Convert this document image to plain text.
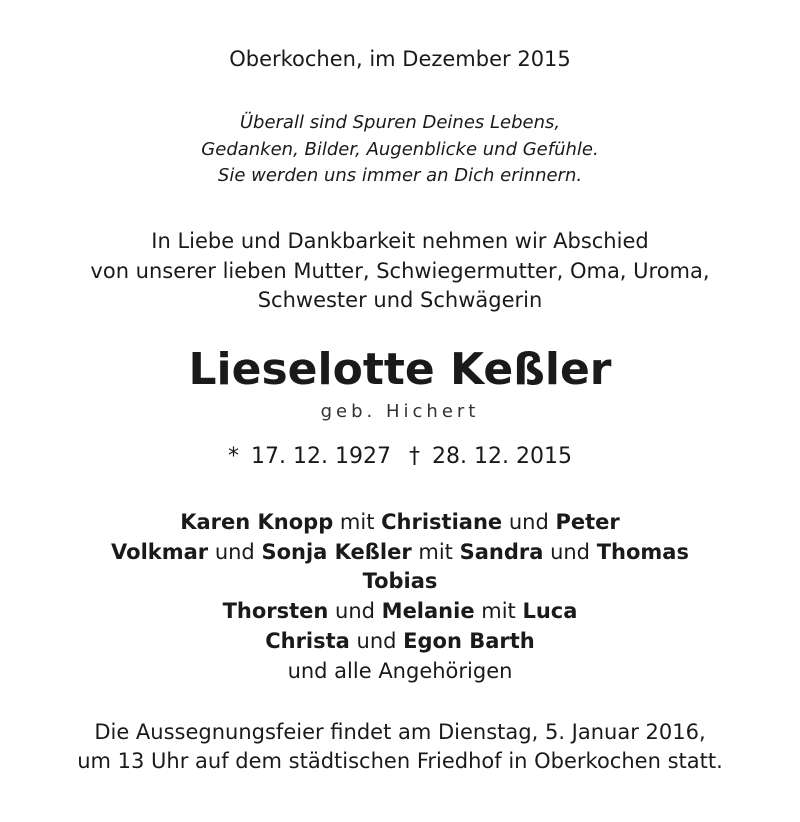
Oberkochen, im Dezember 2015
Überall sind Spuren Deines Lebens,
Gedanken, Bilder, Augenblicke und Gefühle.
Sie werden uns immer an Dich erinnern.
In Liebe und Dankbarkeit nehmen wir Abschied
von unserer lieben Mutter, Schwiegermutter, Oma, Uroma,
Schwester und Schwägerin
Lieselotte Keßler
geb. Hichert
* 17. 12. 1927 † 28. 12. 2015
Karen Knopp mit Christiane und Peter
Volkmar und Sonja Keßler mit Sandra und Thomas
Tobias
Thorsten und Melanie mit Luca
Christa und Egon Barth
und alle Angehörigen
Die Aussegnungsfeier findet am Dienstag, 5. Januar 2016,
um 13 Uhr auf dem städtischen Friedhof in Oberkochen statt.
